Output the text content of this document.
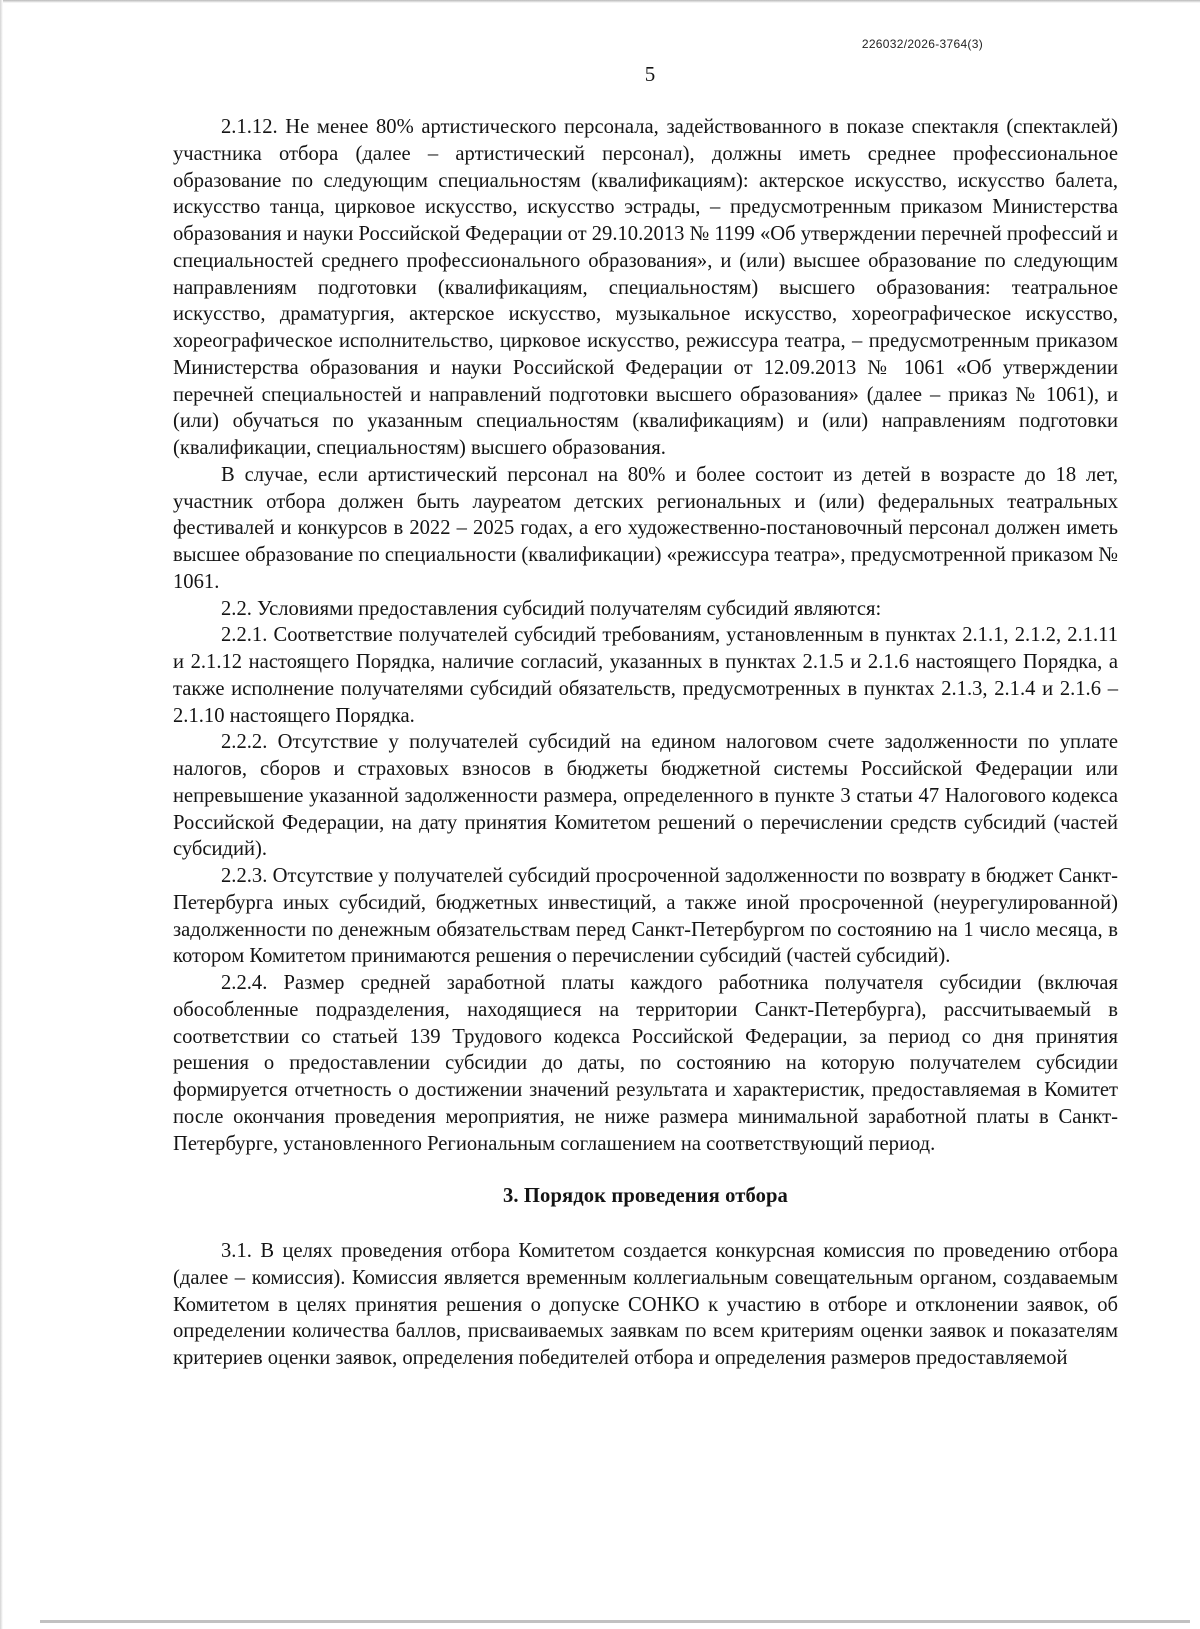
226032/2026-3764(3)
5

2.1.12. Не менее 80% артистического персонала, задействованного в показе спектакля (спектаклей) участника отбора (далее – артистический персонал), должны иметь среднее профессиональное образование по следующим специальностям (квалификациям): актерское искусство, искусство балета, искусство танца, цирковое искусство, искусство эстрады, – предусмотренным приказом Министерства образования и науки Российской Федерации от 29.10.2013 № 1199 «Об утверждении перечней профессий и специальностей среднего профессионального образования», и (или) высшее образование по следующим направлениям подготовки (квалификациям, специальностям) высшего образования: театральное искусство, драматургия, актерское искусство, музыкальное искусство, хореографическое искусство, хореографическое исполнительство, цирковое искусство, режиссура театра, – предусмотренным приказом Министерства образования и науки Российской Федерации от 12.09.2013 № 1061 «Об утверждении перечней специальностей и направлений подготовки высшего образования» (далее – приказ № 1061), и (или) обучаться по указанным специальностям (квалификациям) и (или) направлениям подготовки (квалификации, специальностям) высшего образования.

В случае, если артистический персонал на 80% и более состоит из детей в возрасте до 18 лет, участник отбора должен быть лауреатом детских региональных и (или) федеральных театральных фестивалей и конкурсов в 2022 – 2025 годах, а его художественно-постановочный персонал должен иметь высшее образование по специальности (квалификации) «режиссура театра», предусмотренной приказом № 1061.

2.2. Условиями предоставления субсидий получателям субсидий являются:

2.2.1. Соответствие получателей субсидий требованиям, установленным в пунктах 2.1.1, 2.1.2, 2.1.11 и 2.1.12 настоящего Порядка, наличие согласий, указанных в пунктах 2.1.5 и 2.1.6 настоящего Порядка, а также исполнение получателями субсидий обязательств, предусмотренных в пунктах 2.1.3, 2.1.4 и 2.1.6 – 2.1.10 настоящего Порядка.

2.2.2. Отсутствие у получателей субсидий на едином налоговом счете задолженности по уплате налогов, сборов и страховых взносов в бюджеты бюджетной системы Российской Федерации или непревышение указанной задолженности размера, определенного в пункте 3 статьи 47 Налогового кодекса Российской Федерации, на дату принятия Комитетом решений о перечислении средств субсидий (частей субсидий).

2.2.3. Отсутствие у получателей субсидий просроченной задолженности по возврату в бюджет Санкт-Петербурга иных субсидий, бюджетных инвестиций, а также иной просроченной (неурегулированной) задолженности по денежным обязательствам перед Санкт-Петербургом по состоянию на 1 число месяца, в котором Комитетом принимаются решения о перечислении субсидий (частей субсидий).

2.2.4. Размер средней заработной платы каждого работника получателя субсидии (включая обособленные подразделения, находящиеся на территории Санкт-Петербурга), рассчитываемый в соответствии со статьей 139 Трудового кодекса Российской Федерации, за период со дня принятия решения о предоставлении субсидии до даты, по состоянию на которую получателем субсидии формируется отчетность о достижении значений результата и характеристик, предоставляемая в Комитет после окончания проведения мероприятия, не ниже размера минимальной заработной платы в Санкт-Петербурге, установленного Региональным соглашением на соответствующий период.

3. Порядок проведения отбора

3.1. В целях проведения отбора Комитетом создается конкурсная комиссия по проведению отбора (далее – комиссия). Комиссия является временным коллегиальным совещательным органом, создаваемым Комитетом в целях принятия решения о допуске СОНКО к участию в отборе и отклонении заявок, об определении количества баллов, присваиваемых заявкам по всем критериям оценки заявок и показателям критериев оценки заявок, определения победителей отбора и определения размеров предоставляемой
